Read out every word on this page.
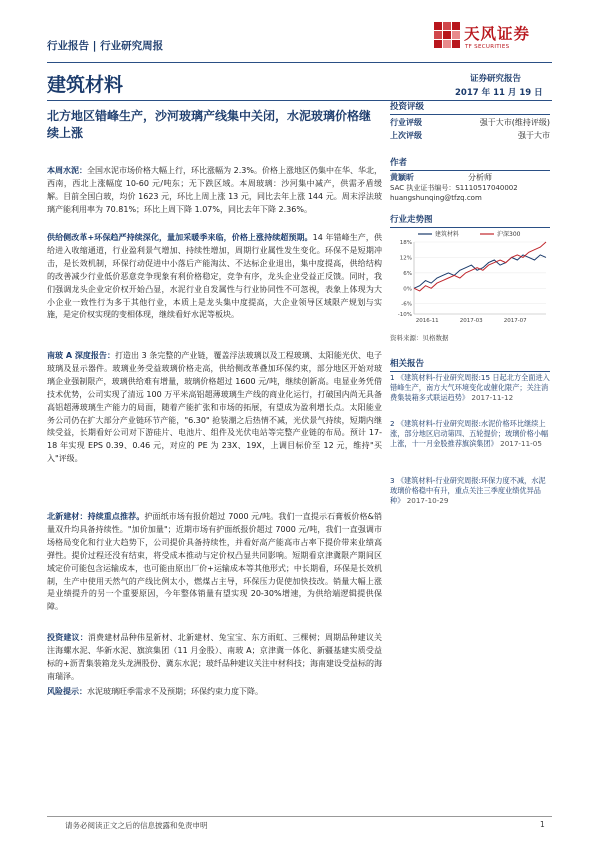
行业报告 | 行业研究周报
天风证券
TF SECURITIES
建筑材料	证券研究报告
2017 年 11 月 19 日
北方地区错峰生产，沙河玻璃产线集中关闭，水泥玻璃价格继续上涨
本周水泥：全国水泥市场价格大幅上行，环比涨幅为 2.3%。价格上涨地区仍集中在华、华北，西南，西北上涨幅度 10-60 元/吨东；无下跌区域。本周玻璃：沙河集中减产，供需矛盾缓解。目前全国白玻，均价 1623 元，环比上周上涨 13 元，同比去年上涨 144 元。周末浮法玻璃产能利用率为 70.81%；环比上周下降 1.07%，同比去年下降 2.36%。
供给侧改革+环保趋严持续深化，量加采暖季来临，价格上涨持续超预期。14 年错峰生产，供给进入收缩通道，行业盈利景气增加、持续性增加，周期行业属性发生变化。环保不是短期冲击，是长效机制，环保行动促进中小落后产能淘汰、不达标企业退出，集中度提高，供给结构的改善减少行业低价恶意竞争现象有利价格稳定，竞争有序，龙头企业受益正反馈。同时，我们强调龙头企业定价权开始凸显，水泥行业自发属性与行业协同性不可忽视，表象上体现为大小企业一致性行为多于其他行业，本质上是龙头集中度提高，大企业领导区域限产规划与实施，是定价权实现的变相体现，继续看好水泥等板块。
南玻 A 深度报告：打造出 3 条完整的产业链，覆盖浮法玻璃以及工程玻璃、太阳能光伏、电子玻璃及显示器件。玻璃业务受益玻璃价格走高，供给侧改革叠加环保约束，部分地区开始对玻璃企业强制限产，玻璃供给难有增量，玻璃价格超过 1600 元/吨，继续创新高。电显业务凭借技术优势，公司实现了清远 100 万平米高铝超薄玻璃生产线的商业化运行，打破国内尚无具备高铝超薄玻璃生产能力的局面，随着产能扩张和市场的拓展，有望成为盈利增长点。太阳能业务公司仍在扩大部分产业链环节产能，"6.30" 抢装潮之后热情不减，光伏景气持续，短期内继续受益，长期看好公司对下游硅片、电池片、组件及光伏电站等完整产业链的布局。预计 17-18 年实现 EPS 0.39、0.46 元，对应的 PE 为 23X、19X，上调目标价至 12 元，维持"买入"评级。
北新建材：持续重点推荐。护面纸市场有报价超过 7000 元/吨。我们一直提示石膏板价格&销量双升均具备持续性。"加价加量"；近期市场有护面纸报价超过 7000 元/吨，我们一直强调市场格局变化和行业大趋势下，公司提价具备持续性，并看好高产能高市占率下提价带来业绩高弹性。提价过程还没有结束，将受成本推动与定价权凸显共同影响。短期看京津冀限产期间区域定价可能包含运输成本，也可能由原出厂价+运输成本等其他形式；中长期看，环保是长效机制，生产中使用天然气的产线比例太小，燃煤占主导，环保压力促使加快技改。销量大幅上涨是业绩提升的另一个重要原因，今年整体销量有望实现 20-30%增速，为供给端逻辑提供保障。
投资建议：消费建材品种伟星新材、北新建材、兔宝宝、东方雨虹、三棵树；周期品种建议关注海螺水泥、华新水泥、旗滨集团（11 月金股）、南玻 A；京津冀一体化、新疆基建实质受益标的+沥青集装箱龙头龙洲股份、冀东水泥；玻纤品种建议关注中材科技；海南建设受益标的海南瑞泽。
风险提示：水泥玻璃旺季需求不及预期；环保约束力度下降。
投资评级
行业评级	强于大市(维持评级)
上次评级	强于大市
作者
黄颖昕	分析师
SAC 执业证书编号：S1110517040002
huangshunqing@tfzq.com
行业走势图
18%
12%
6%
0%
-6%
-10%
2016-11	2017-03	2017-07
建筑材料	沪深300
资料来源：贝格数据
相关报告
1 《建筑材料-行业研究周报:15 日起北方全面进入错峰生产，南方大气环境变化或催化限产；关注消费集装箱多式联运趋势》 2017-11-12
2 《建筑材料-行业研究周报:水泥价格环比继续上涨，部分地区启动第四、五轮提价；玻璃价格小幅上涨，十一月金股推荐旗滨集团》 2017-11-05
3 《建筑材料-行业研究周报:环保力度不减，水泥玻璃价格稳中有升，重点关注三季度业绩优异品种》 2017-10-29
请务必阅读正文之后的信息披露和免责申明	1
